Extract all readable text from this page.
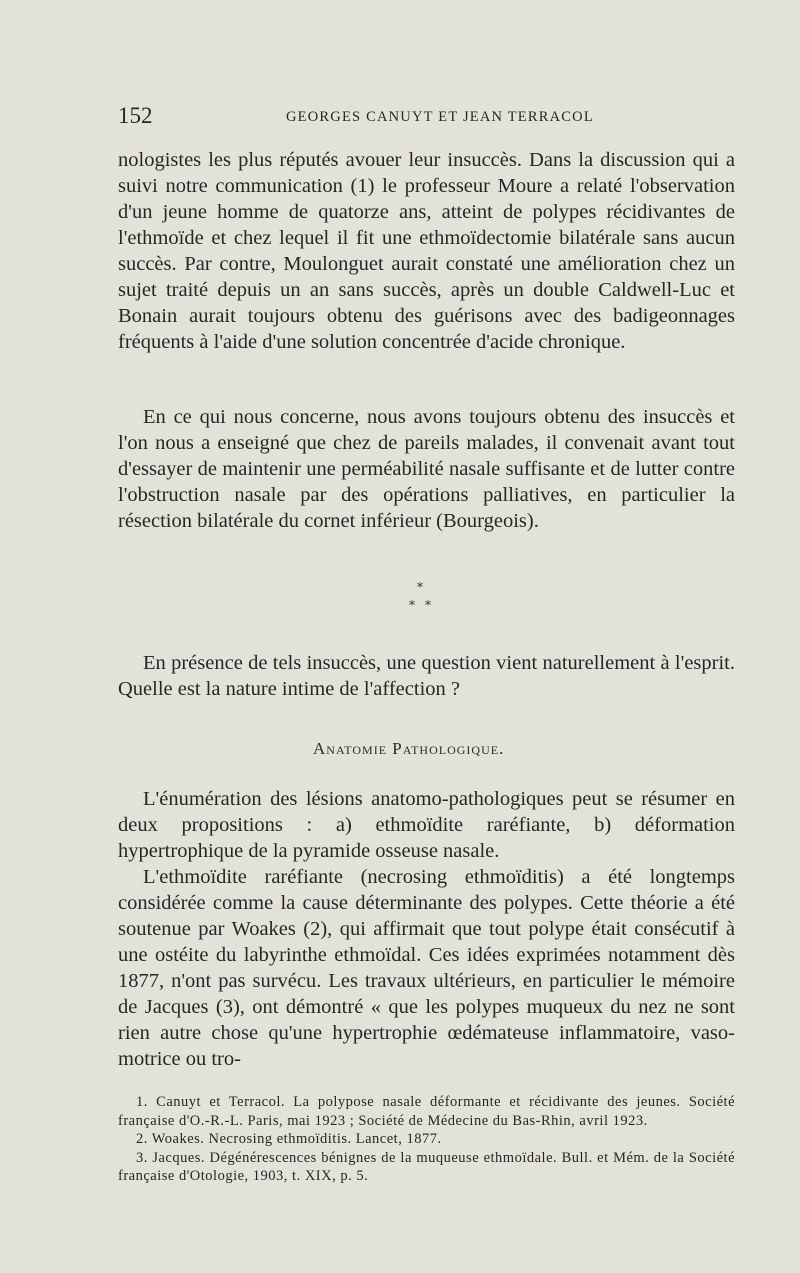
152	GEORGES CANUYT ET JEAN TERRACOL

nologistes les plus réputés avouer leur insuccès. Dans la discussion qui a suivi notre communication (1) le professeur Moure a relaté l'observation d'un jeune homme de quatorze ans, atteint de polypes récidivantes de l'ethmoïde et chez lequel il fit une ethmoïdectomie bilatérale sans aucun succès. Par contre, Moulonguet aurait constaté une amélioration chez un sujet traité depuis un an sans succès, après un double Caldwell-Luc et Bonain aurait toujours obtenu des guérisons avec des badigeonnages fréquents à l'aide d'une solution concentrée d'acide chronique.

En ce qui nous concerne, nous avons toujours obtenu des insuccès et l'on nous a enseigné que chez de pareils malades, il convenait avant tout d'essayer de maintenir une perméabilité nasale suffisante et de lutter contre l'obstruction nasale par des opérations palliatives, en particulier la résection bilatérale du cornet inférieur (Bourgeois).

*
* *

En présence de tels insuccès, une question vient naturellement à l'esprit. Quelle est la nature intime de l'affection ?

Anatomie Pathologique.

L'énumération des lésions anatomo-pathologiques peut se résumer en deux propositions : a) ethmoïdite raréfiante, b) déformation hypertrophique de la pyramide osseuse nasale.

L'ethmoïdite raréfiante (necrosing ethmoïditis) a été longtemps considérée comme la cause déterminante des polypes. Cette théorie a été soutenue par Woakes (2), qui affirmait que tout polype était consécutif à une ostéite du labyrinthe ethmoïdal. Ces idées exprimées notamment dès 1877, n'ont pas survécu. Les travaux ultérieurs, en particulier le mémoire de Jacques (3), ont démontré « que les polypes muqueux du nez ne sont rien autre chose qu'une hypertrophie œdémateuse inflammatoire, vaso-motrice ou tro-

1. Canuyt et Terracol. La polypose nasale déformante et récidivante des jeunes. Société française d'O.-R.-L. Paris, mai 1923 ; Société de Médecine du Bas-Rhin, avril 1923.

2. Woakes. Necrosing ethmoïditis. Lancet, 1877.

3. Jacques. Dégénérescences bénignes de la muqueuse ethmoïdale. Bull. et Mém. de la Société française d'Otologie, 1903, t. XIX, p. 5.
